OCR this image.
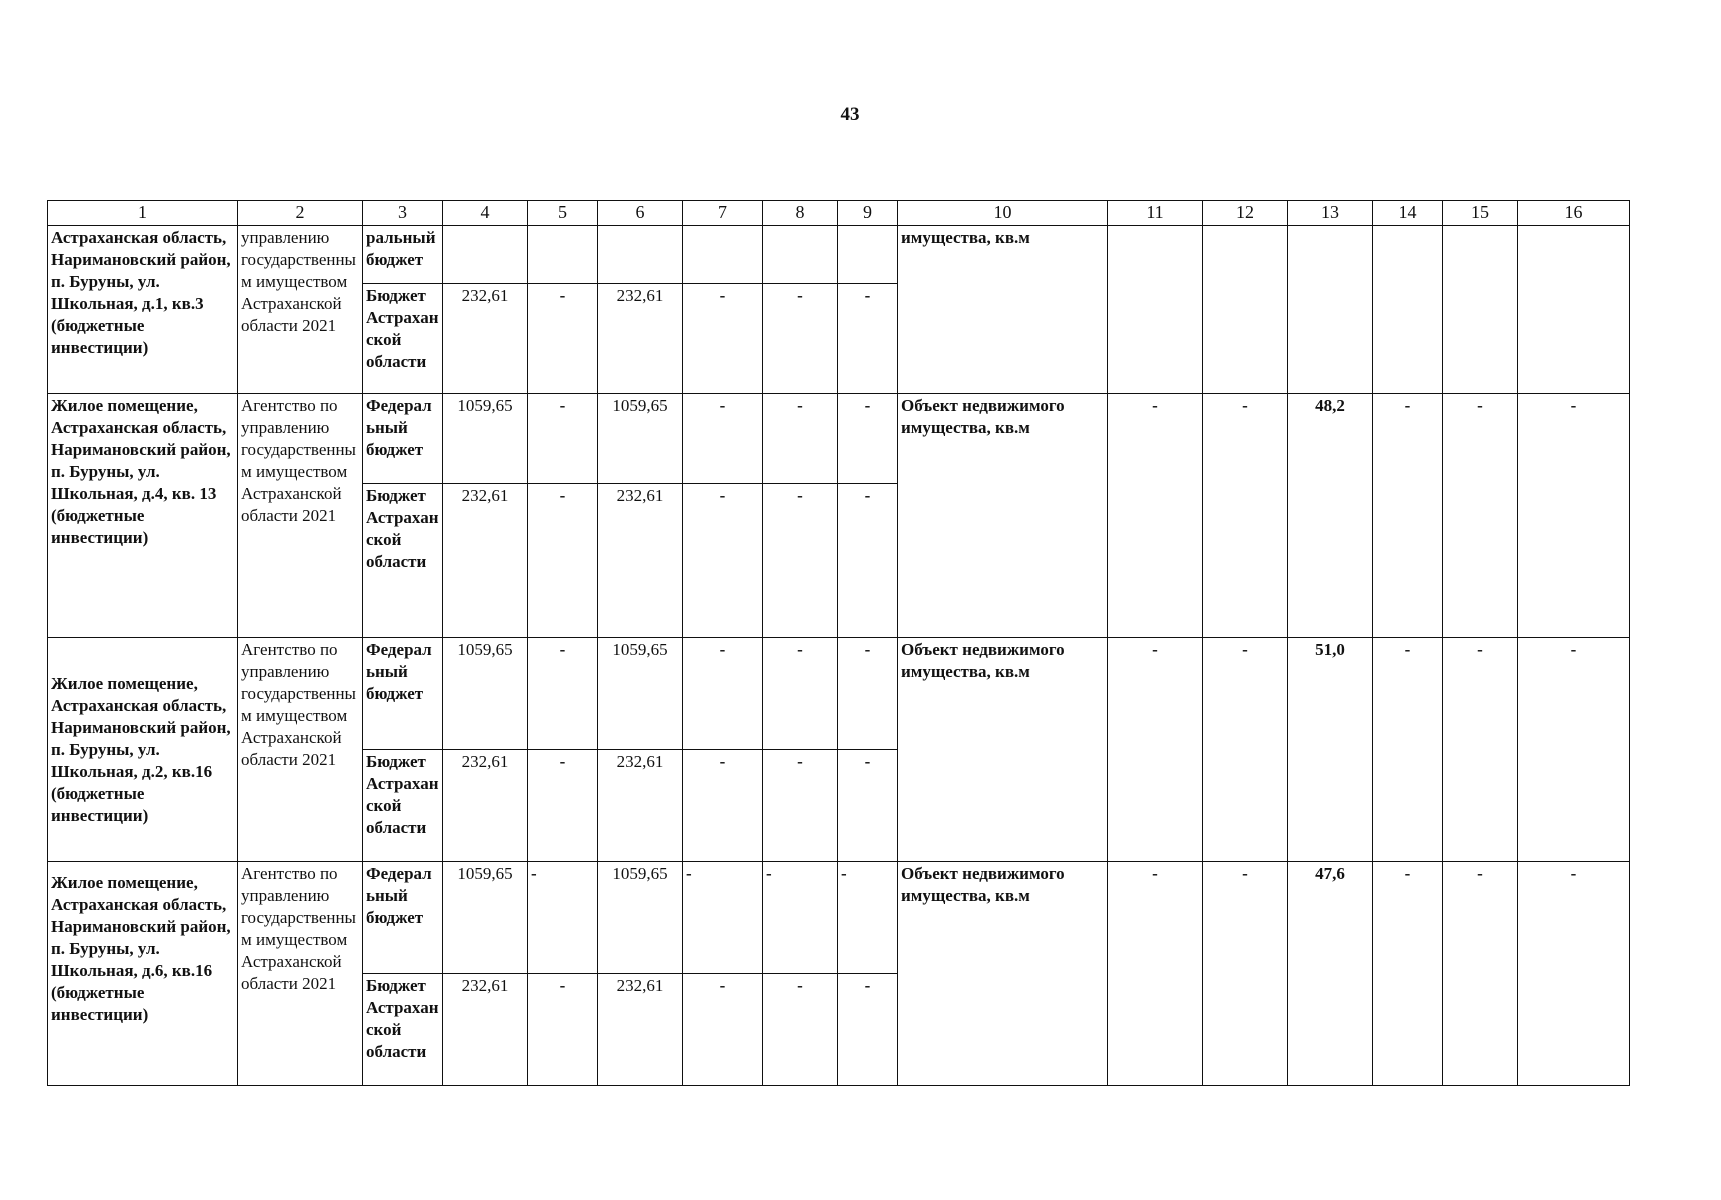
43
1	2	3	4	5	6	7	8	9	10	11	12	13	14	15	16
Астраханская область, Наримановский район, п. Буруны, ул. Школьная, д.1, кв.3 (бюджетные инвестиции)	управлению государственным имуществом Астраханской области 2021	ральный бюджет							имущества, кв.м						
		Бюджет Астраханской области	232,61	-	232,61	-	-	-							
Жилое помещение, Астраханская область, Наримановский район, п. Буруны, ул. Школьная, д.4, кв. 13 (бюджетные инвестиции)	Агентство по управлению государственным имуществом Астраханской области 2021	Федеральный бюджет	1059,65	-	1059,65	-	-	-	Объект недвижимого имущества, кв.м	-	-	48,2	-	-	-
		Бюджет Астраханской области	232,61	-	232,61	-	-	-							
Жилое помещение, Астраханская область, Наримановский район, п. Буруны, ул. Школьная, д.2, кв.16 (бюджетные инвестиции)	Агентство по управлению государственным имуществом Астраханской области 2021	Федеральный бюджет	1059,65	-	1059,65	-	-	-	Объект недвижимого имущества, кв.м	-	-	51,0	-	-	-
		Бюджет Астраханской области	232,61	-	232,61	-	-	-							
Жилое помещение, Астраханская область, Наримановский район, п. Буруны, ул. Школьная, д.6, кв.16 (бюджетные инвестиции)	Агентство по управлению государственным имуществом Астраханской области 2021	Федеральный бюджет	1059,65	-	1059,65	-	-	-	Объект недвижимого имущества, кв.м	-	-	47,6	-	-	-
		Бюджет Астраханской области	232,61	-	232,61	-	-	-							
